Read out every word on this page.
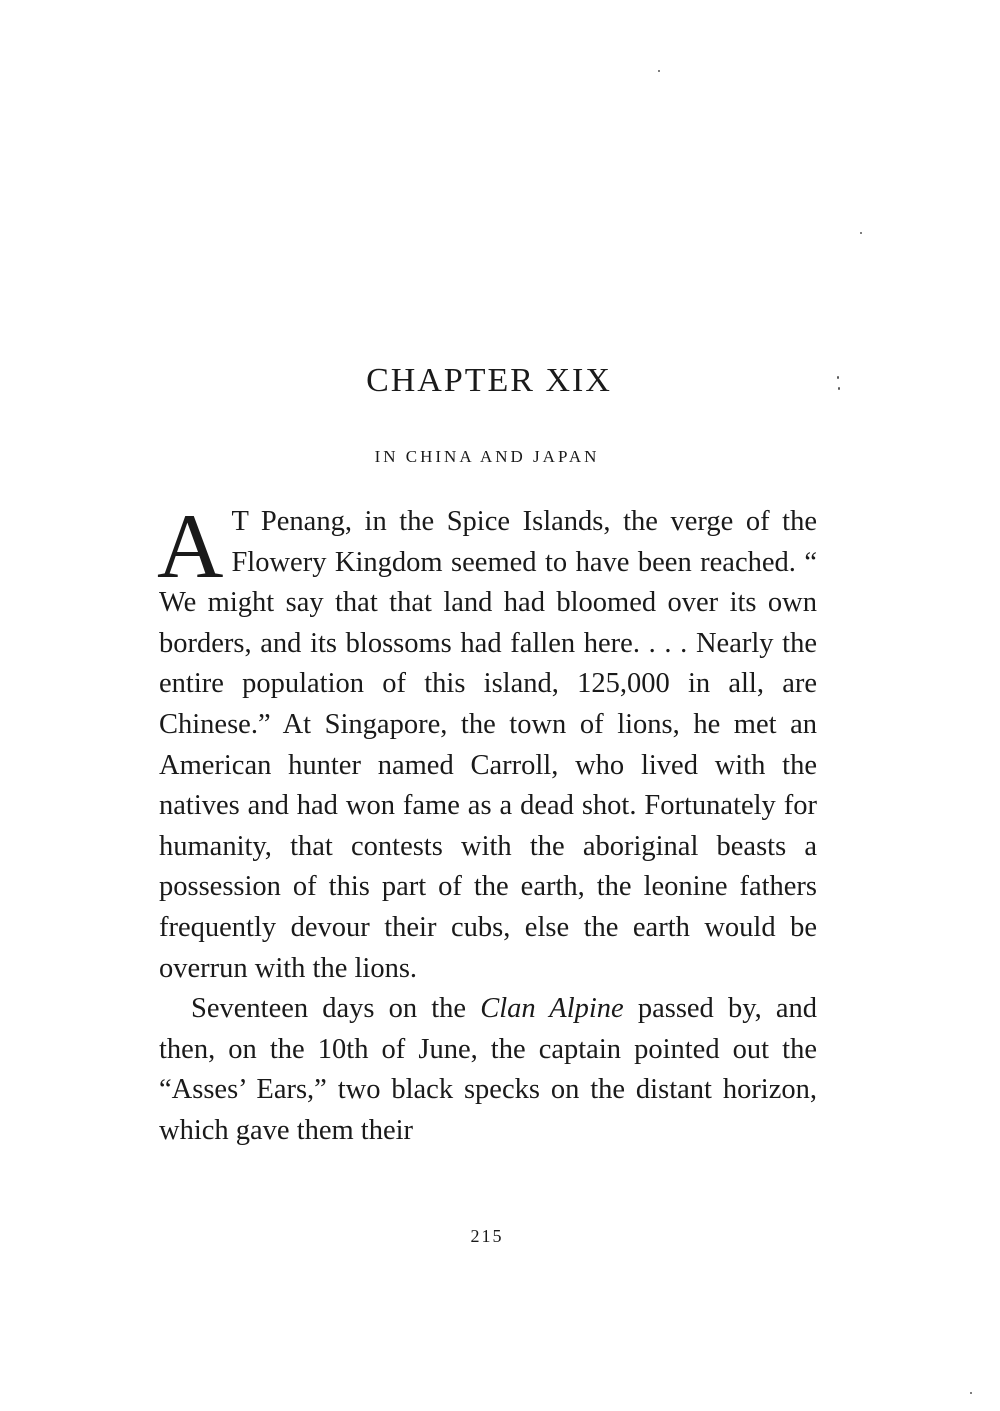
CHAPTER XIX
IN CHINA AND JAPAN

A T Penang, in the Spice Islands, the verge of the Flowery Kingdom seemed to have been reached. “ We might say that that land had bloomed over its own borders, and its blossoms had fallen here. . . . Nearly the entire population of this island, 125,000 in all, are Chinese.” At Singapore, the town of lions, he met an American hunter named Carroll, who lived with the natives and had won fame as a dead shot. Fortunately for humanity, that contests with the aboriginal beasts a possession of this part of the earth, the leonine fathers frequently devour their cubs, else the earth would be overrun with the lions.

Seventeen days on the Clan Alpine passed by, and then, on the 10th of June, the captain pointed out the “Asses’ Ears,” two black specks on the distant horizon, which gave them their

215
